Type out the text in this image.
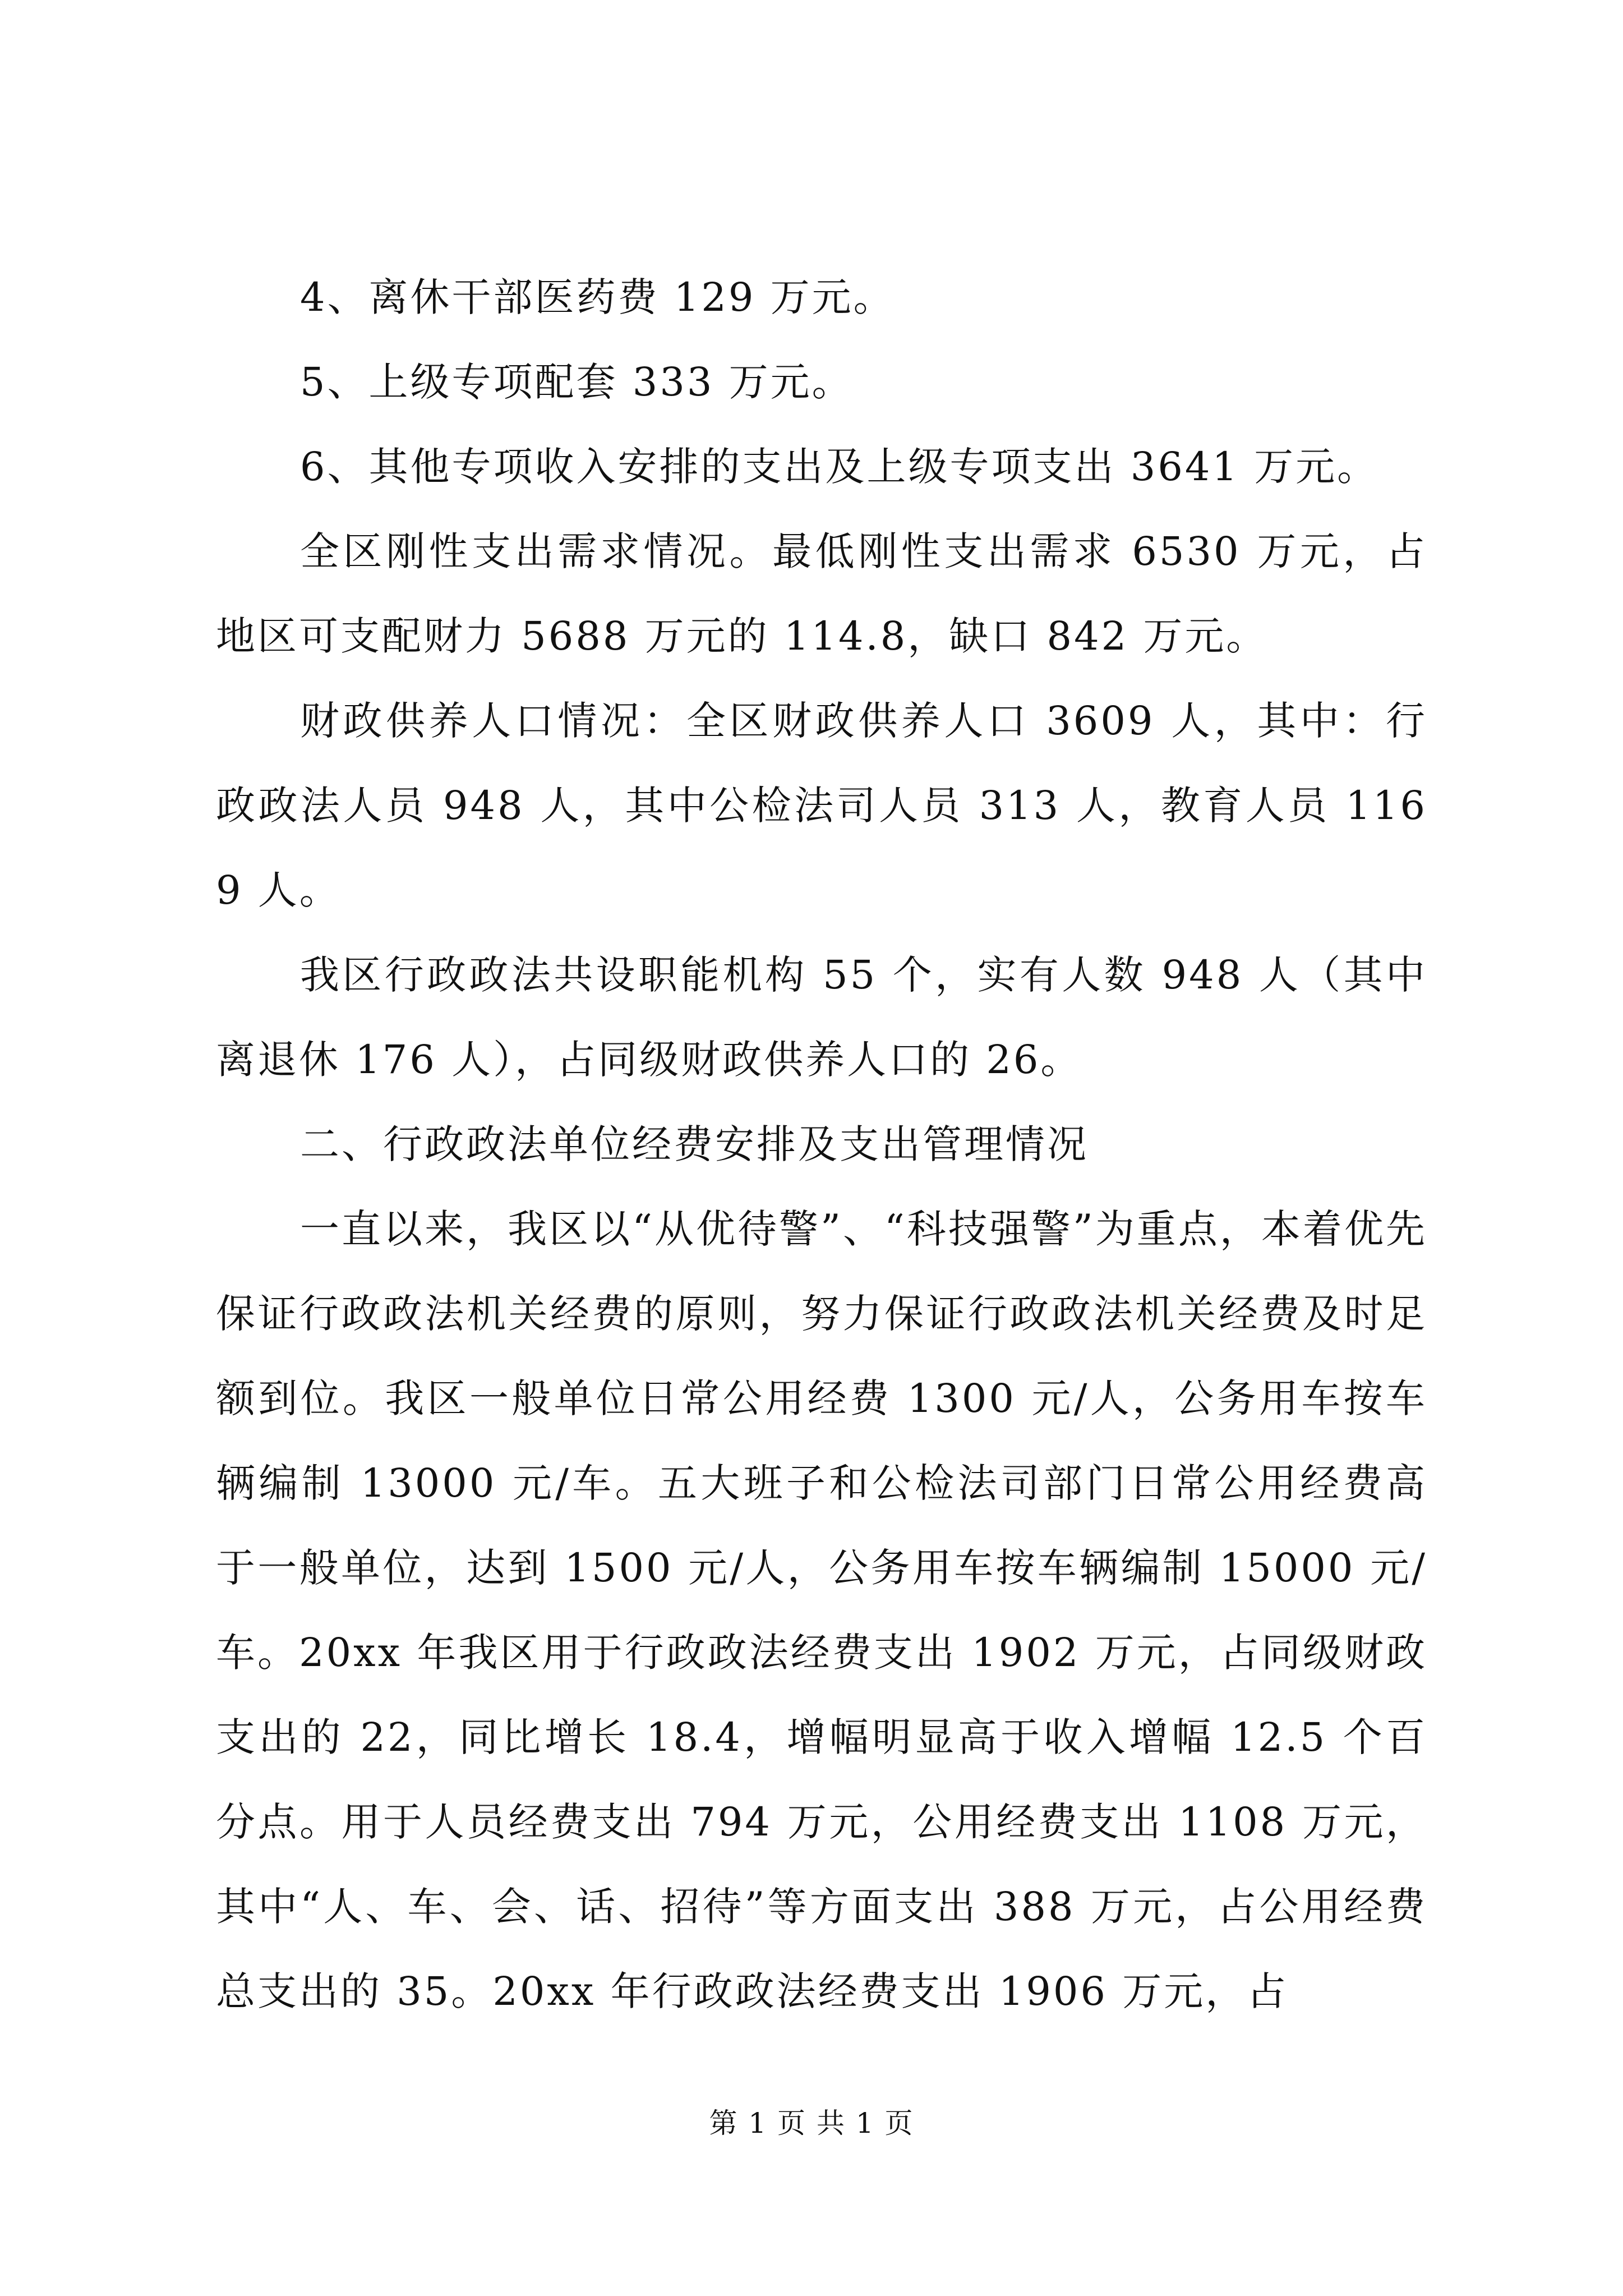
4、离休干部医药费 129 万元。

5、上级专项配套 333 万元。

6、其他专项收入安排的支出及上级专项支出 3641 万元。

全区刚性支出需求情况。最低刚性支出需求 6530 万元，占地区可支配财力 5688 万元的 114.8，缺口 842 万元。

财政供养人口情况：全区财政供养人口 3609 人，其中：行政政法人员 948 人，其中公检法司人员 313 人，教育人员 1169 人。

我区行政政法共设职能机构 55 个，实有人数 948 人（其中离退休 176 人），占同级财政供养人口的 26。

二、行政政法单位经费安排及支出管理情况

一直以来，我区以“从优待警”、“科技强警”为重点，本着优先保证行政政法机关经费的原则，努力保证行政政法机关经费及时足额到位。我区一般单位日常公用经费 1300 元/人，公务用车按车辆编制 13000 元/车。五大班子和公检法司部门日常公用经费高于一般单位，达到 1500 元/人，公务用车按车辆编制 15000 元/车。20xx 年我区用于行政政法经费支出 1902 万元，占同级财政支出的 22，同比增长 18.4，增幅明显高于收入增幅 12.5 个百分点。用于人员经费支出 794 万元，公用经费支出 1108 万元，其中“人、车、会、话、招待”等方面支出 388 万元，占公用经费总支出的 35。20xx 年行政政法经费支出 1906 万元，占

第 1 页 共 1 页
